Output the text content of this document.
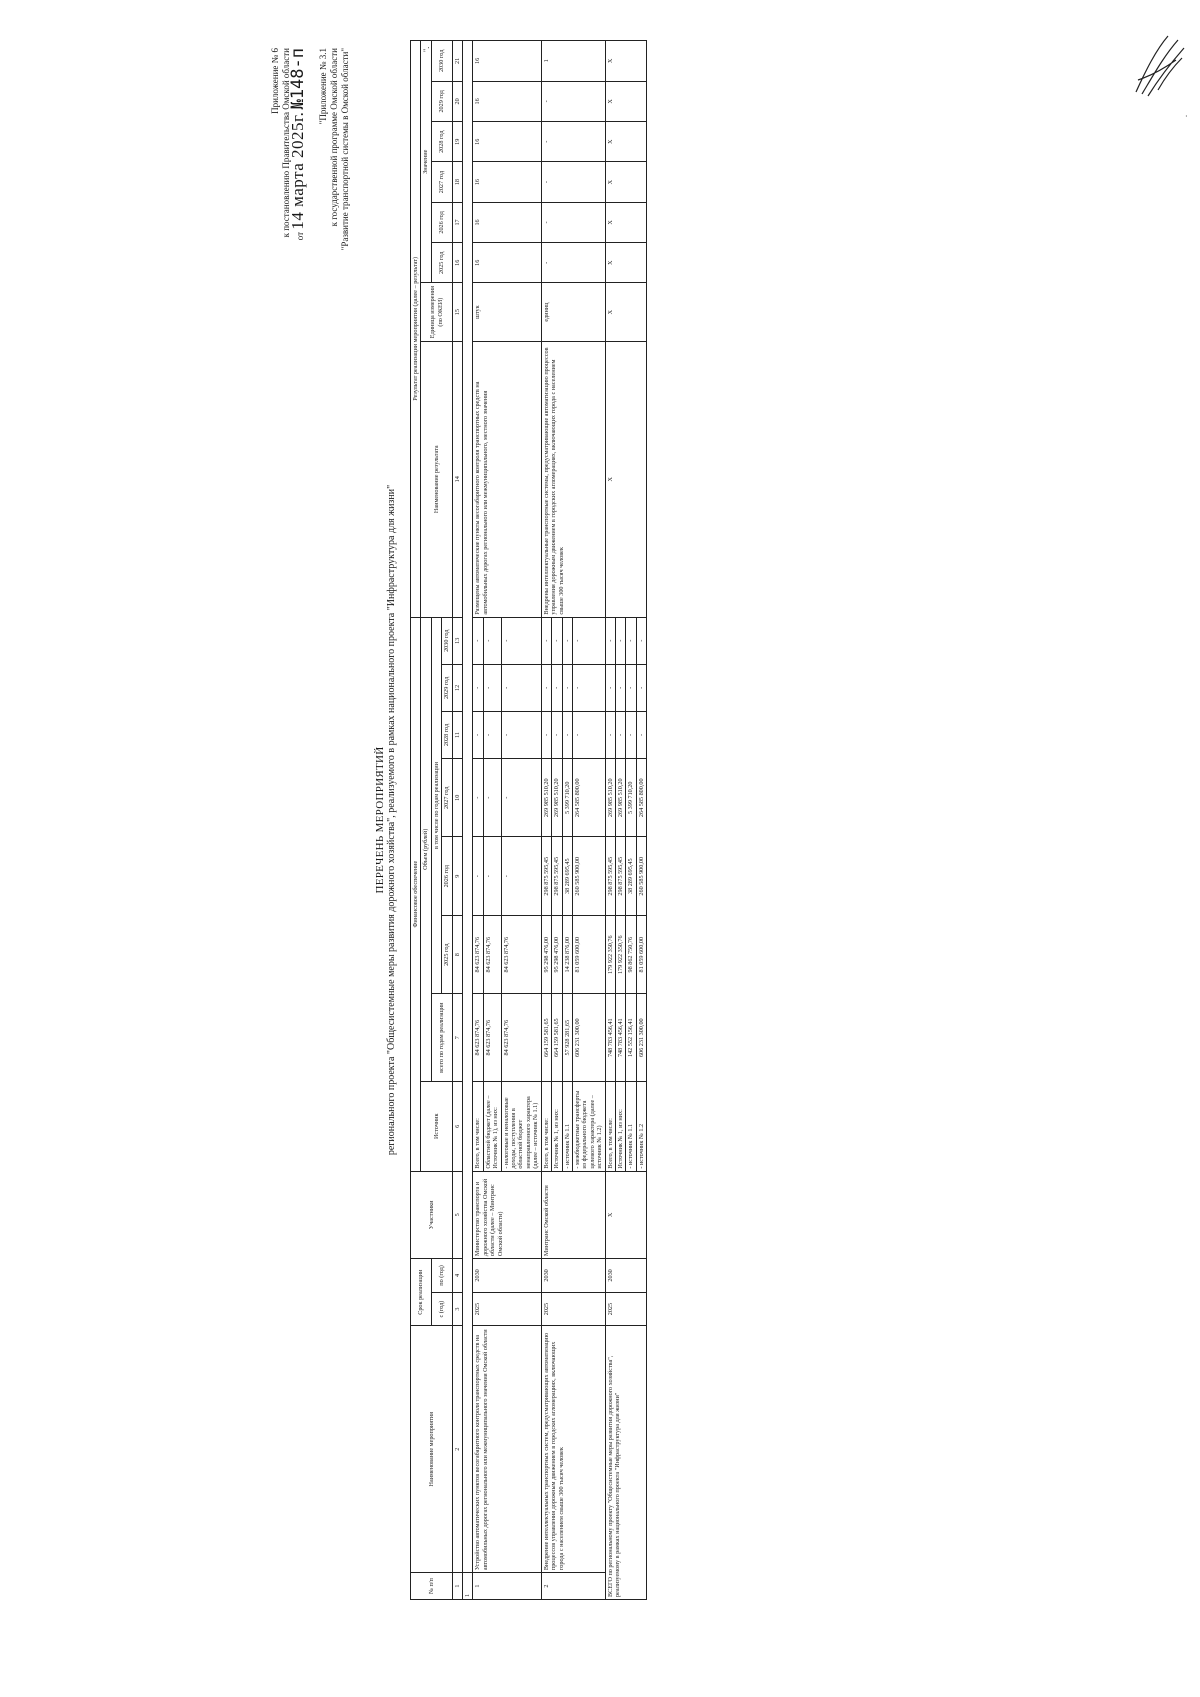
·
Приложение № 6 к постановлению Правительства Омской области от 14 марта 2025г. №148-п "Приложение № 3.1 к государственной программе Омской области "Развитие транспортной системы в Омской области"
ПЕРЕЧЕНЬ МЕРОПРИЯТИЙ регионального проекта "Общесистемные меры развития дорожного хозяйства", реализуемого в рамках национального проекта "Инфраструктура для жизни"
№ п/п	Наименование мероприятия	Срок реализации		Участники	Финансовое обеспечение								Результат реализации мероприятия (далее – результат)							
					Источник	Объем (рублей)							Наименование результата	Единица измерения (по ОКЕИ)	Значение					
		с (год)	по (год)			всего по годам реализации	в том числе по годам реализации								2025 год	2026 год	2027 год	2028 год	2029 год	2030 год
							2025 год	2026 год	2027 год	2028 год	2029 год	2030 год								
1	2	3	4	5	6	7	8	9	10	11	12	13	14	15	16	17	18	19	20	21
1																				
1	Устройство автоматических пунктов весогабаритного контроля транспортных средств на автомобильных дорогах регионального или межмуниципального значения Омской области	2025	2030	Министерство транспорта и дорожного хозяйства Омской области (далее – Минтранс Омской области)	Всего, в том числе:	84 623 874,76	84 623 874,76	-	-	-	-	-	Размещены автоматические пункты весогабаритного контроля транспортных средств на автомобильных дорогах регионального или межмуниципального, местного значения	штук	16	16	16	16	16	16
					Областной бюджет (далее – Источник № 1), из них:	84 623 874,76	84 623 874,76	-	-	-	-	-								
					- налоговые и неналоговые доходы, поступления в областной бюджет ненаправленного характера (далее – источник № 1.1)	84 623 874,76	84 623 874,76	-	-	-	-	-								
2	Внедрение интеллектуальных транспортных систем, предусматривающих автоматизацию процессов управления дорожным движением в городских агломерациях, включающих города с населением свыше 300 тысяч человек	2025	2030	Минтранс Омской области	Всего, в том числе:	664 159 581,65	95 298 476,00	298 875 595,45	269 985 510,20	-	-	-	Внедрены интеллектуальные транспортные системы, предусматривающие автоматизацию процессов управления дорожным движением в городских агломерациях, включающих города с населением свыше 300 тысяч человек	единиц	-	-	-	-	-	1
					Источник № 1, из них:	664 159 581,65	95 298 476,00	298 875 595,45	269 985 510,20	-	-	-								
					- источник № 1.1	57 928 281,65	14 238 876,00	38 289 695,45	5 399 710,20	-	-	-								
					- межбюджетные трансферты из федерального бюджета целевого характера (далее – источник № 1.2)	606 231 300,00	81 059 600,00	260 585 900,00	264 585 800,00	-	-	-								
ВСЕГО по региональному проекту "Общесистемные меры развития дорожного хозяйства", реализуемому в рамках национального проекта "Инфраструктура для жизни"		2025	2030	X	Всего, в том числе:	748 783 456,41	179 922 350,76	298 875 595,45	269 985 510,20	-	-	-	X	X	X	X	X	X	X	X
					Источник № 1, из них:	748 783 456,41	179 922 350,76	298 875 595,45	269 985 510,20	-	-	-								
					- источник № 1.1	142 552 156,41	98 862 750,76	38 289 695,45	5 399 710,20	-	-	-								
					- источник № 1.2	606 231 300,00	81 059 600,00	260 585 900,00	264 585 800,00	-	-	-								
".
